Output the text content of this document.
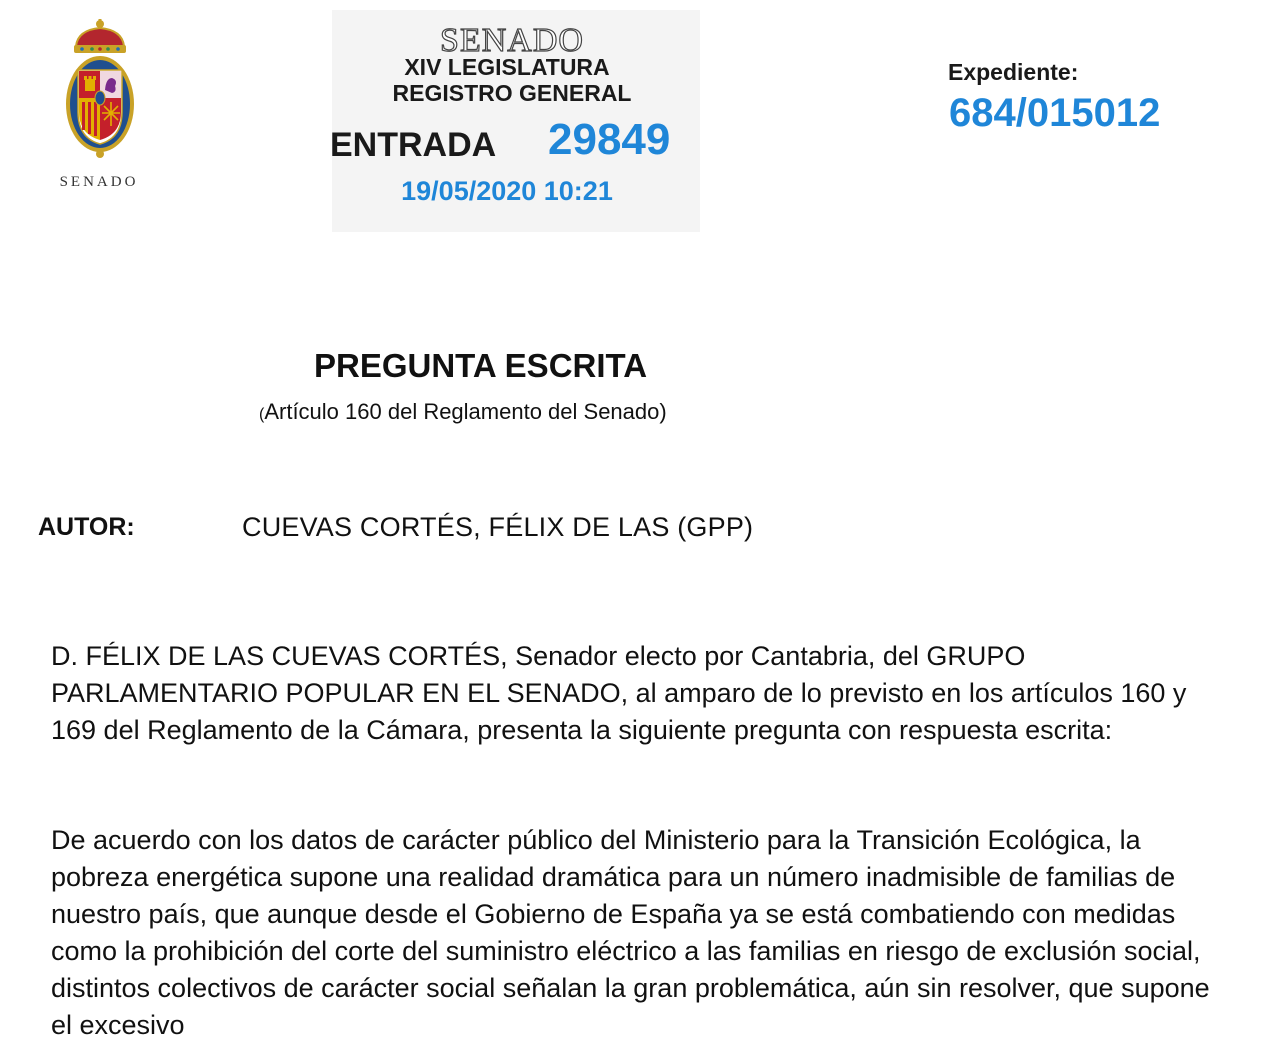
SENADO
SENADO
XIV LEGISLATURA
REGISTRO GENERAL
ENTRADA 29849
19/05/2020 10:21
Expediente:
684/015012
PREGUNTA ESCRITA
(Artículo 160 del Reglamento del Senado)
AUTOR:	CUEVAS CORTÉS, FÉLIX DE LAS (GPP)

D. FÉLIX DE LAS CUEVAS CORTÉS, Senador electo por Cantabria, del GRUPO PARLAMENTARIO POPULAR EN EL SENADO, al amparo de lo previsto en los artículos 160 y 169 del Reglamento de la Cámara, presenta la siguiente pregunta con respuesta escrita:

De acuerdo con los datos de carácter público del Ministerio para la Transición Ecológica, la pobreza energética supone una realidad dramática para un número inadmisible de familias de nuestro país, que aunque desde el Gobierno de España ya se está combatiendo con medidas como la prohibición del corte del suministro eléctrico a las familias en riesgo de exclusión social, distintos colectivos de carácter social señalan la gran problemática, aún sin resolver, que supone el excesivo
